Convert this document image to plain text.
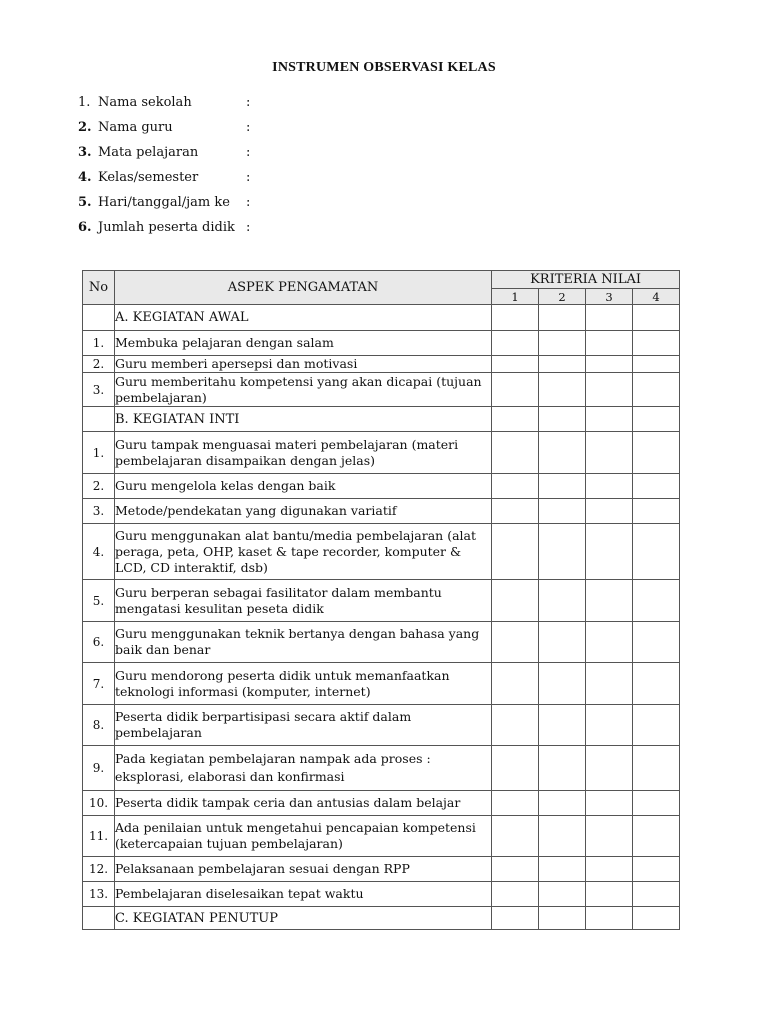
INSTRUMEN OBSERVASI KELAS
1. Nama sekolah	:
2. Nama guru	:
3. Mata pelajaran	:
4. Kelas/semester	:
5. Hari/tanggal/jam ke :
6. Jumlah peserta didik :
No	ASPEK PENGAMATAN	KRITERIA NILAI			
		1	2	3	4
	A. KEGIATAN AWAL				
1.	Membuka pelajaran dengan salam				
2.	Guru memberi apersepsi dan motivasi				
3.	Guru memberitahu kompetensi yang akan dicapai (tujuan pembelajaran)				
	B. KEGIATAN INTI				
1.	Guru tampak menguasai materi pembelajaran (materi pembelajaran disampaikan dengan jelas)				
2.	Guru mengelola kelas dengan baik				
3.	Metode/pendekatan yang digunakan variatif				
4.	Guru menggunakan alat bantu/media pembelajaran (alat peraga, peta, OHP, kaset & tape recorder, komputer & LCD, CD interaktif, dsb)				
5.	Guru berperan sebagai fasilitator dalam membantu mengatasi kesulitan peseta didik				
6.	Guru menggunakan teknik bertanya dengan bahasa yang baik dan benar				
7.	Guru mendorong peserta didik untuk memanfaatkan teknologi informasi (komputer, internet)				
8.	Peserta didik berpartisipasi secara aktif dalam pembelajaran				
9.	Pada kegiatan pembelajaran nampak ada proses : eksplorasi, elaborasi dan konfirmasi				
10.	Peserta didik tampak ceria dan antusias dalam belajar				
11.	Ada penilaian untuk mengetahui pencapaian kompetensi (ketercapaian tujuan pembelajaran)				
12.	Pelaksanaan pembelajaran sesuai dengan RPP				
13.	Pembelajaran diselesaikan tepat waktu				
	C. KEGIATAN PENUTUP				
